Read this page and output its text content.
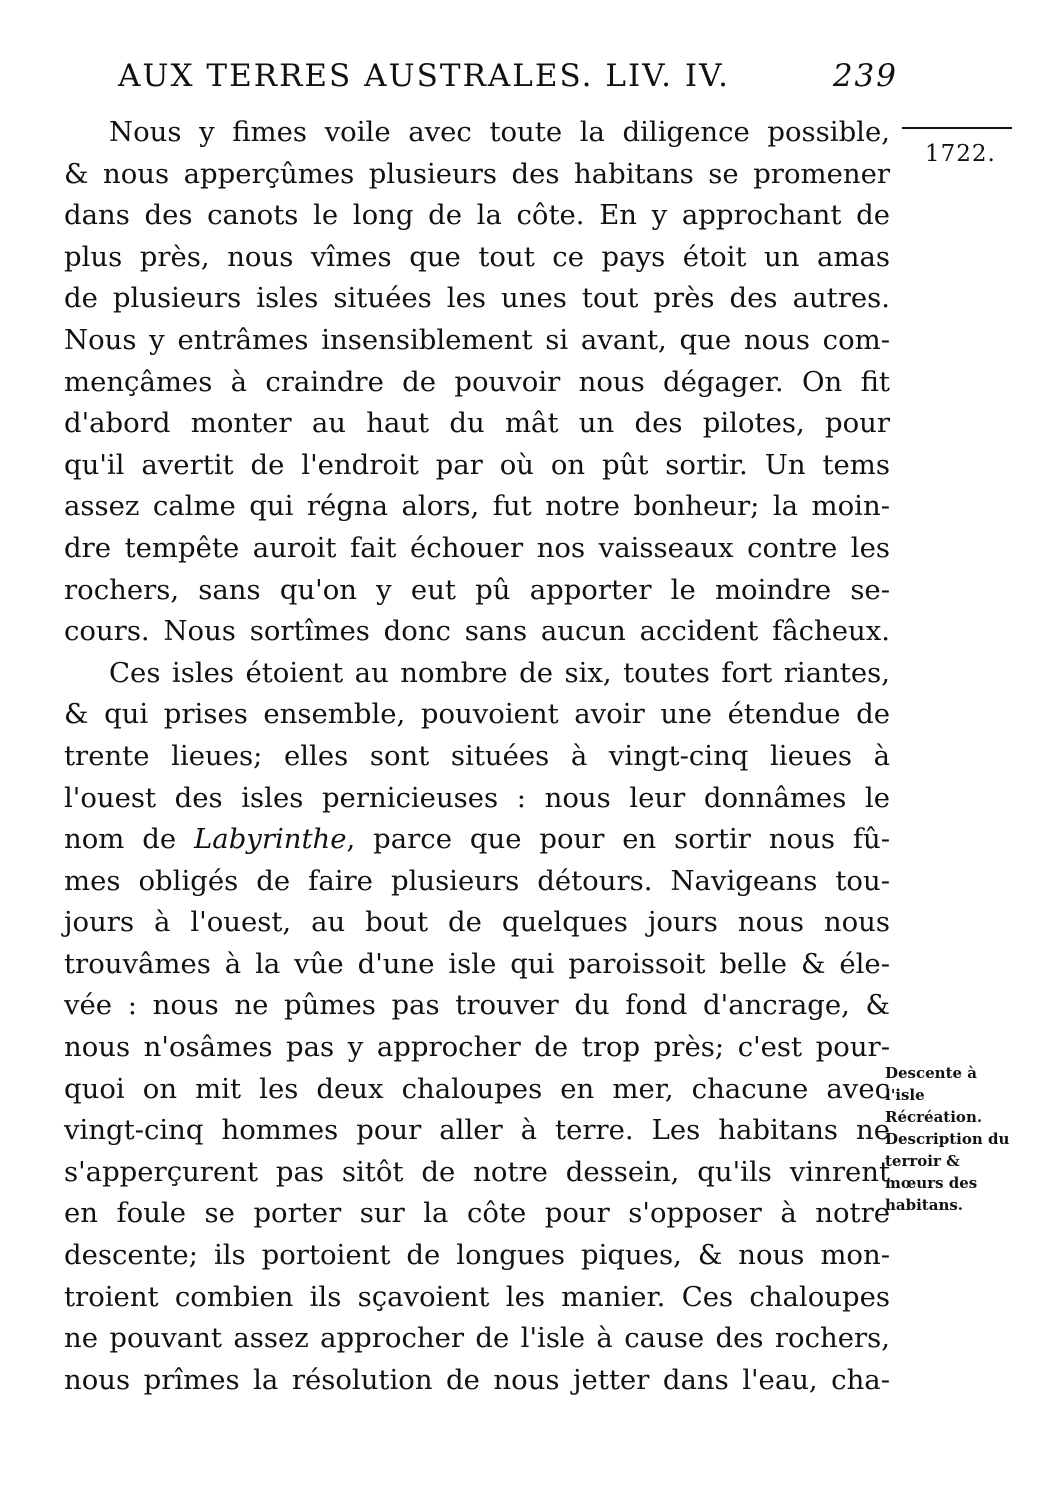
AUX TERRES AUSTRALES. LIV. IV.	239
1722.
Nous y fimes voile avec toute la diligence possible,
& nous apperçûmes plusieurs des habitans se promener
dans des canots le long de la côte. En y approchant de
plus près, nous vîmes que tout ce pays étoit un amas
de plusieurs isles situées les unes tout près des autres.
Nous y entrâmes insensiblement si avant, que nous com-
mençâmes à craindre de pouvoir nous dégager. On fit
d'abord monter au haut du mât un des pilotes, pour
qu'il avertit de l'endroit par où on pût sortir. Un tems
assez calme qui régna alors, fut notre bonheur; la moin-
dre tempête auroit fait échouer nos vaisseaux contre les
rochers, sans qu'on y eut pû apporter le moindre se-
cours. Nous sortîmes donc sans aucun accident fâcheux.
Ces isles étoient au nombre de six, toutes fort riantes,
& qui prises ensemble, pouvoient avoir une étendue de
trente lieues; elles sont situées à vingt-cinq lieues à
l'ouest des isles pernicieuses : nous leur donnâmes le
nom de Labyrinthe, parce que pour en sortir nous fû-
mes obligés de faire plusieurs détours. Navigeans tou-
jours à l'ouest, au bout de quelques jours nous nous
trouvâmes à la vûe d'une isle qui paroissoit belle & éle-
vée : nous ne pûmes pas trouver du fond d'ancrage, &
nous n'osâmes pas y approcher de trop près; c'est pour-
quoi on mit les deux chaloupes en mer, chacune avec
vingt-cinq hommes pour aller à terre. Les habitans ne
s'apperçurent pas sitôt de notre dessein, qu'ils vinrent
en foule se porter sur la côte pour s'opposer à notre
descente; ils portoient de longues piques, & nous mon-
troient combien ils sçavoient les manier. Ces chaloupes
ne pouvant assez approcher de l'isle à cause des rochers,
nous prîmes la résolution de nous jetter dans l'eau, cha-
Descente à l'isle Récréation.
Description du terroir & mœurs des habitans.
